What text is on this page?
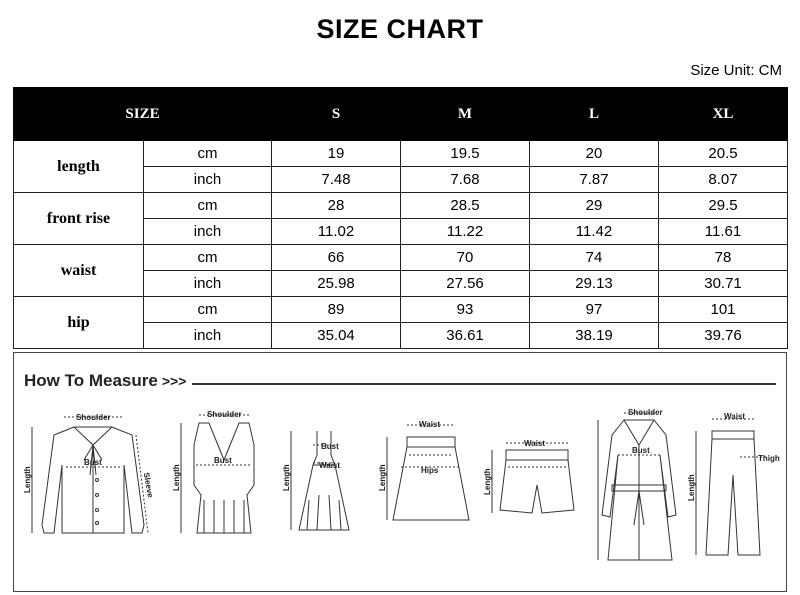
SIZE CHART
Size Unit: CM
SIZE		S	M	L	XL
length	cm	19	19.5	20	20.5
	inch	7.48	7.68	7.87	8.07
front rise	cm	28	28.5	29	29.5
	inch	11.02	11.22	11.42	11.61
waist	cm	66	70	74	78
	inch	25.98	27.56	29.13	30.71
hip	cm	89	93	97	101
	inch	35.04	36.61	38.19	39.76
How To Measure >>>
Shoulder
Bust
Length	Sleeve
Shoulder
Bust
Length
Bust
Waist
Length
Waist
Hips
Length
Waist
Length
Shoulder
Bust
Waist
Thigh
Length
